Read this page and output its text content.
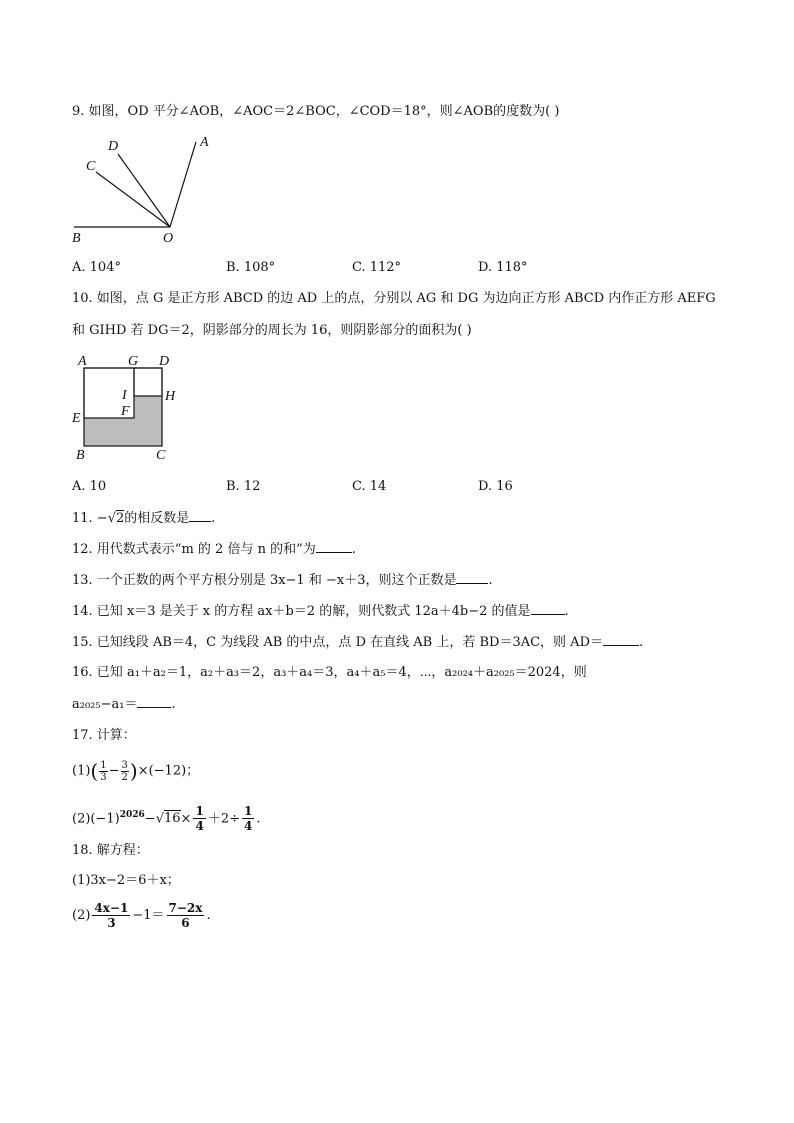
9. 如图，OD 平分∠AOB，∠AOC＝2∠BOC，∠COD＝18°，则∠AOB的度数为( )
A
D
C
B	O
A. 104°	B. 108°	C. 112°	D. 118°
10. 如图，点 G 是正方形 ABCD 的边 AD 上的点，分别以 AG 和 DG 为边向正方形 ABCD 内作正方形 AEFG
和 GIHD 若 DG＝2，阴影部分的周长为 16，则阴影部分的面积为( )
A	G D
I
F
H
E
B	C
A. 10	B. 12	C. 14	D. 16
11. −√2的相反数是 .
12. 用代数式表示“m 的 2 倍与 n 的和”为	.
13. 一个正数的两个平方根分别是 3x−1 和 −x＋3，则这个正数是 .
14. 已知 x＝3 是关于 x 的方程 ax＋b＝2 的解，则代数式 12a＋4b−2 的值是	.
15. 已知线段 AB＝4，C 为线段 AB 的中点，点 D 在直线 AB 上，若 BD＝3AC，则 AD＝	.
16. 已知 a₁＋a₂＝1，a₂＋a₃＝2，a₃＋a₄＝3，a₄＋a₅＝4，⋯，a₂₀₂₄＋a₂₀₂₅＝2024，则
a₂₀₂₅−a₁＝	.
17. 计算：
$(1)( \frac{1}{3} - \frac{3}{2} )\times(-12)$；
$(2)(-1)^{2026}-√16\times \frac{1}{4} +2\div \frac{1}{4}$ .
18. 解方程：
(1)3x−2＝6＋x；
$(2) \frac{4x-1}{3} -1= \frac{7-2x}{6}$ .
